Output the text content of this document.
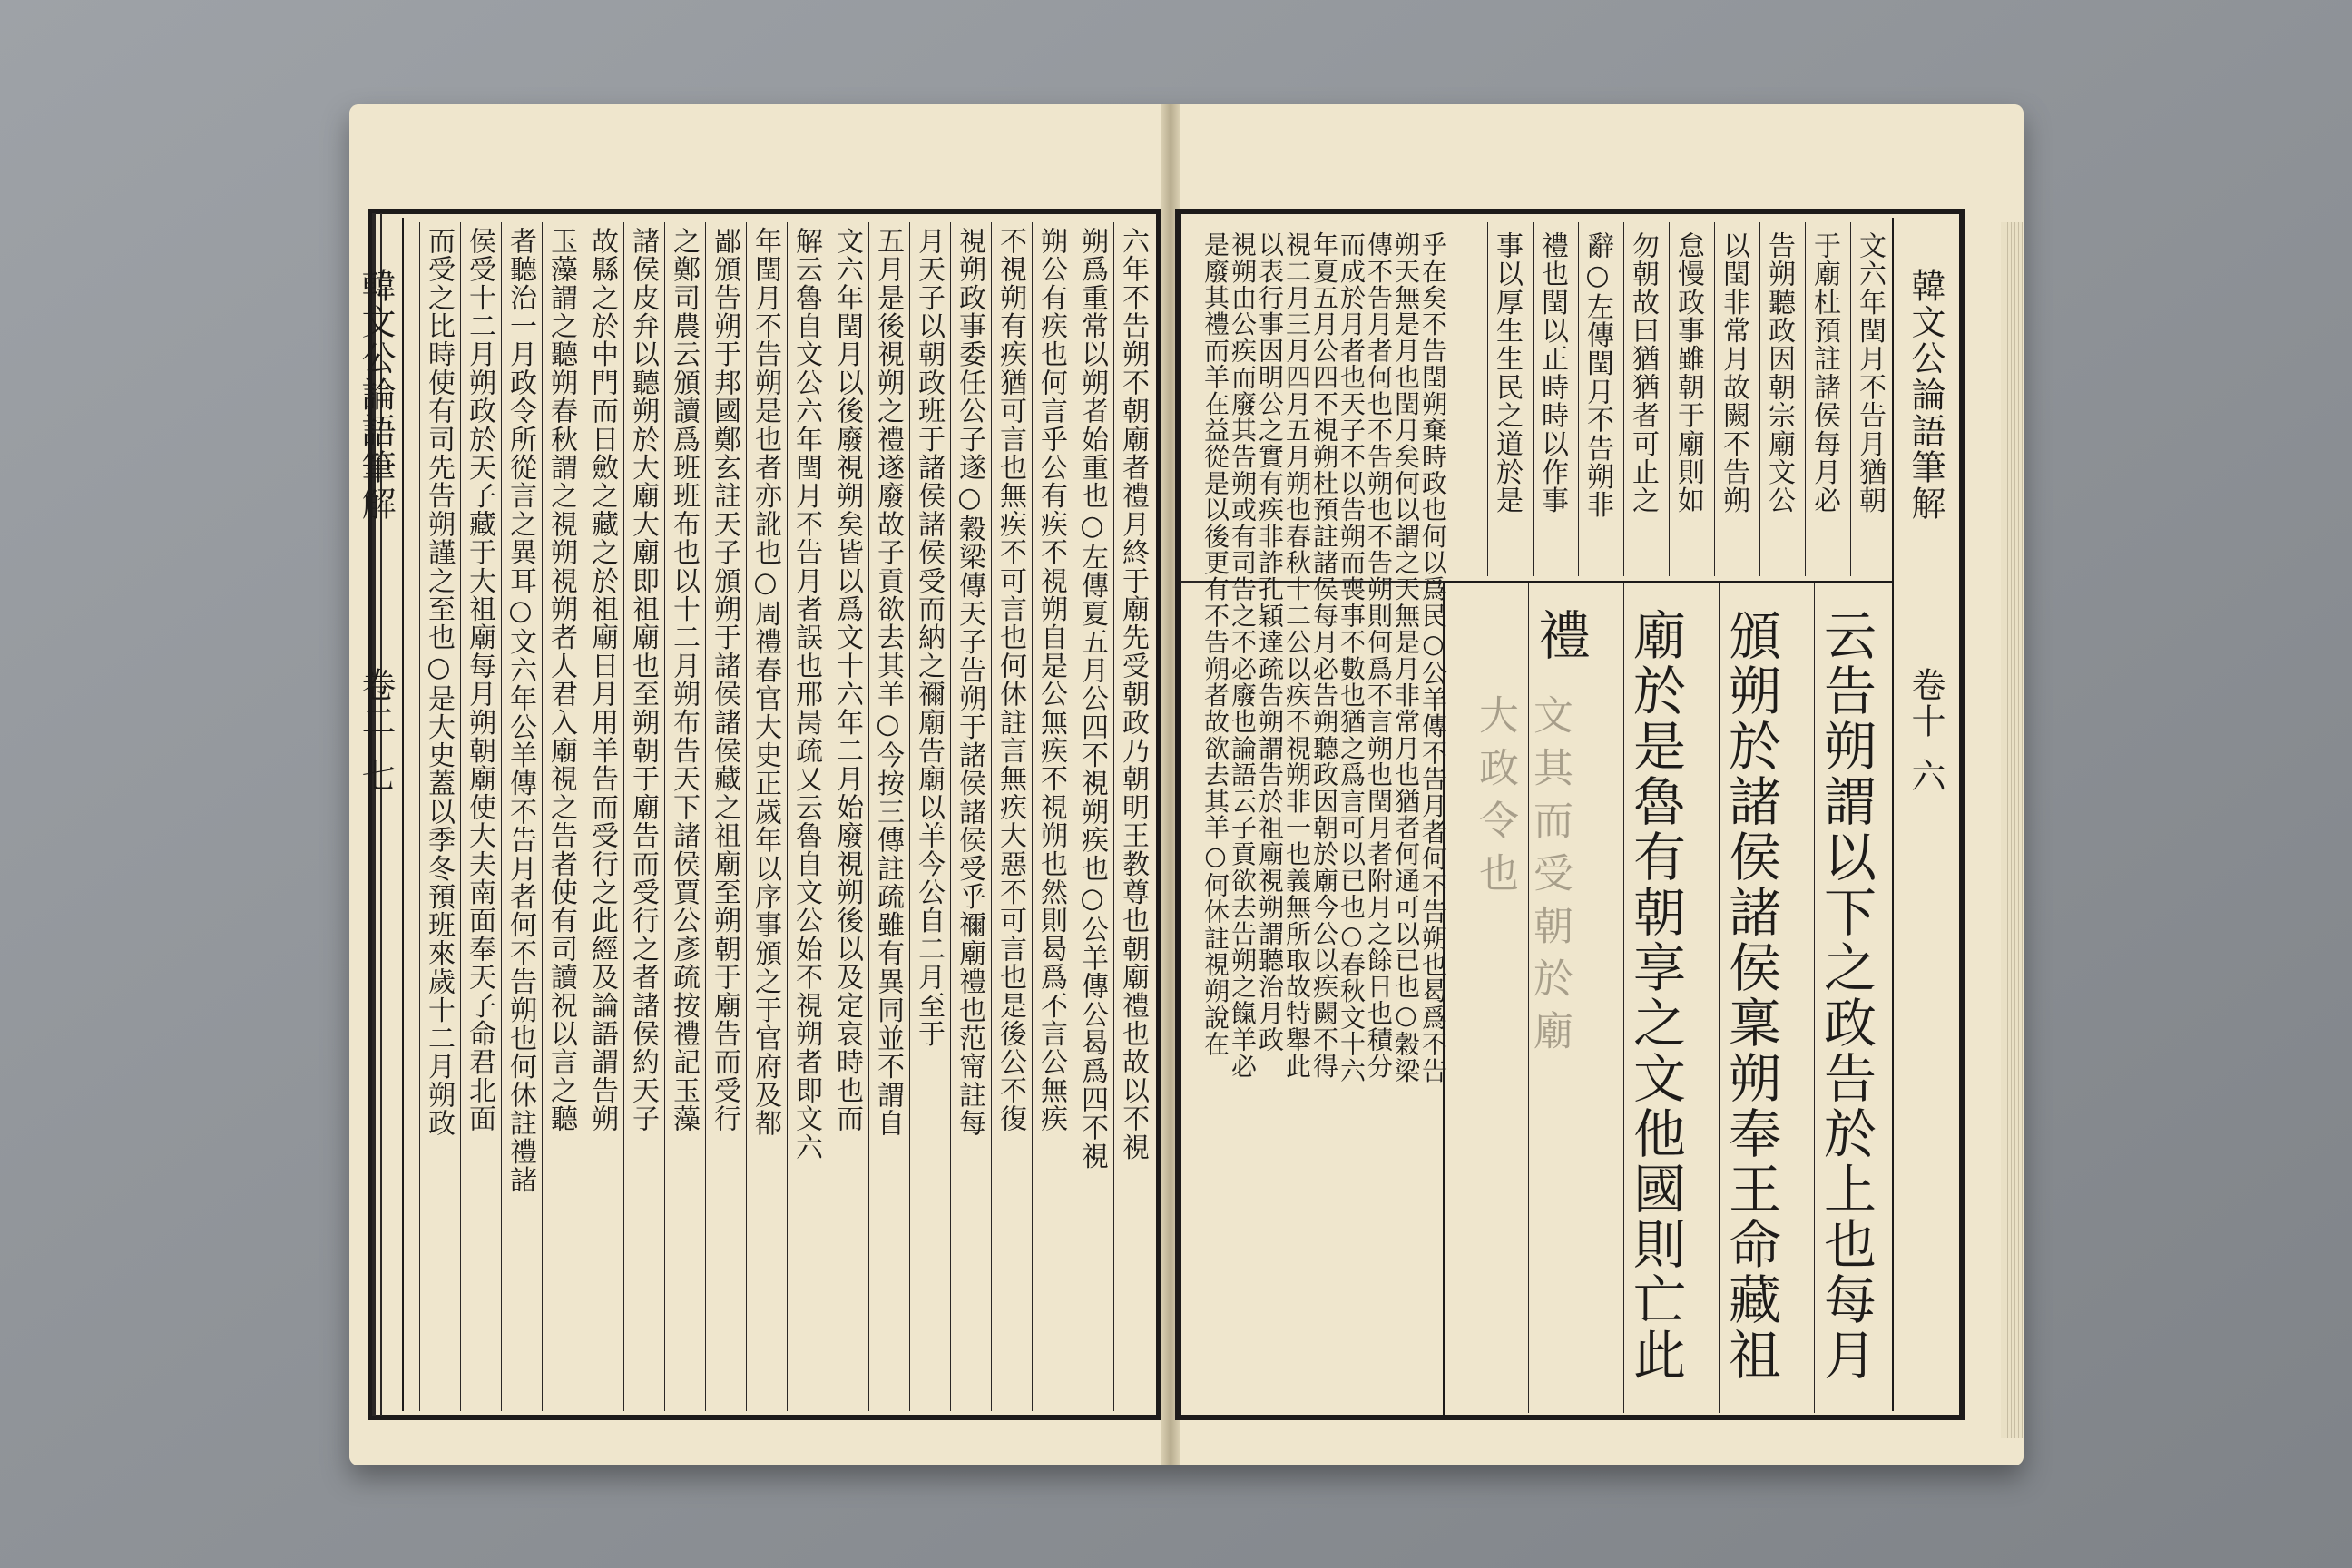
韓文公論語筆解
卷二
七	六年不告朔不朝廟者禮月終于廟先受朝政乃朝明王教尊也朝廟禮也故以不視
朔爲重常以朔者始重也○左傳夏五月公四不視朔疾也○公羊傳公曷爲四不視
朔公有疾也何言乎公有疾不視朔自是公無疾不視朔也然則曷爲不言公無疾
不視朔有疾猶可言也無疾不可言也何休註言無疾大惡不可言也是後公不復
視朔政事委任公子遂○穀梁傳天子告朔于諸侯諸侯受乎禰廟禮也范甯註每
月天子以朝政班于諸侯諸侯受而納之禰廟告廟以羊今公自二月至于
五月是後視朔之禮遂廢故子貢欲去其羊○今按三傳註疏雖有異同並不謂自
文六年閏月以後廢視朔矣皆以爲文十六年二月始廢視朔後以及定哀時也而
解云魯自文公六年閏月不告月者誤也邢昺疏又云魯自文公始不視朔者即文六
年閏月不告朔是也者亦訛也○周禮春官大史正歲年以序事頒之于官府及都
鄙頒告朔于邦國鄭玄註天子頒朔于諸侯諸侯藏之祖廟至朔朝于廟告而受行
之鄭司農云頒讀爲班班布也以十二月朔布告天下諸侯賈公彥疏按禮記玉藻
諸侯皮弁以聽朔於大廟大廟即祖廟也至朔朝于廟告而受行之者諸侯約天子
故縣之於中門而日斂之藏之於祖廟日月用羊告而受行之此經及論語謂告朔
玉藻謂之聽朔春秋謂之視朔視朔者人君入廟視之告者使有司讀祝以言之聽
者聽治一月政令所從言之異耳○文六年公羊傳不告月者何不告朔也何休註禮諸
侯受十二月朔政於天子藏于大祖廟每月朔朝廟使大夫南面奉天子命君北面
而受之比時使有司先告朔謹之至也○是大史蓋以季冬預班來歲十二月朔政	韓文公論語筆解
卷十
六
文六年閏月不告月猶朝
于廟杜預註諸侯每月必
告朔聽政因朝宗廟文公
以閏非常月故闕不告朔
怠慢政事雖朝于廟則如
勿朝故曰猶猶者可止之
辭○左傳閏月不告朔非
禮也閏以正時時以作事
事以厚生生民之道於是
乎在矣不告閏朔棄時政也何以爲民○公羊傳不告月者何不告朔也曷爲不告
朔天無是月也閏月矣何以謂之天無是月非常月也猶者何通可以已也○穀梁
傳不告月者何也不告朔也不告朔則何爲不言朔也閏月者附月之餘日也積分
而成於月者也天子不以告朔而喪事不數也猶之爲言可以已也○春秋文十六
年夏五月公四不視朔杜預註諸侯每月必告朔聽政因朝於廟今公以疾闕不得
視二月三月四月五月朔也春秋十二公以疾不視朔非一也義無所取故特舉此
以表行事因明公之實有疾非詐孔穎達疏告朔謂告於祖廟視朔謂聽治月政
視朔由公疾而廢其告朔或有司告之不必廢也論語云子貢欲去告朔之餼羊必
是廢其禮而羊在益從是以後更有不告朔者故欲去其羊○何休註視朔說在	云告朔謂以下之政告於上也每月
頒朔於諸侯諸侯稟朔奉王命藏祖
廟於是魯有朝享之文他國則亡此
禮
文其而受朝於廟
大政令也
